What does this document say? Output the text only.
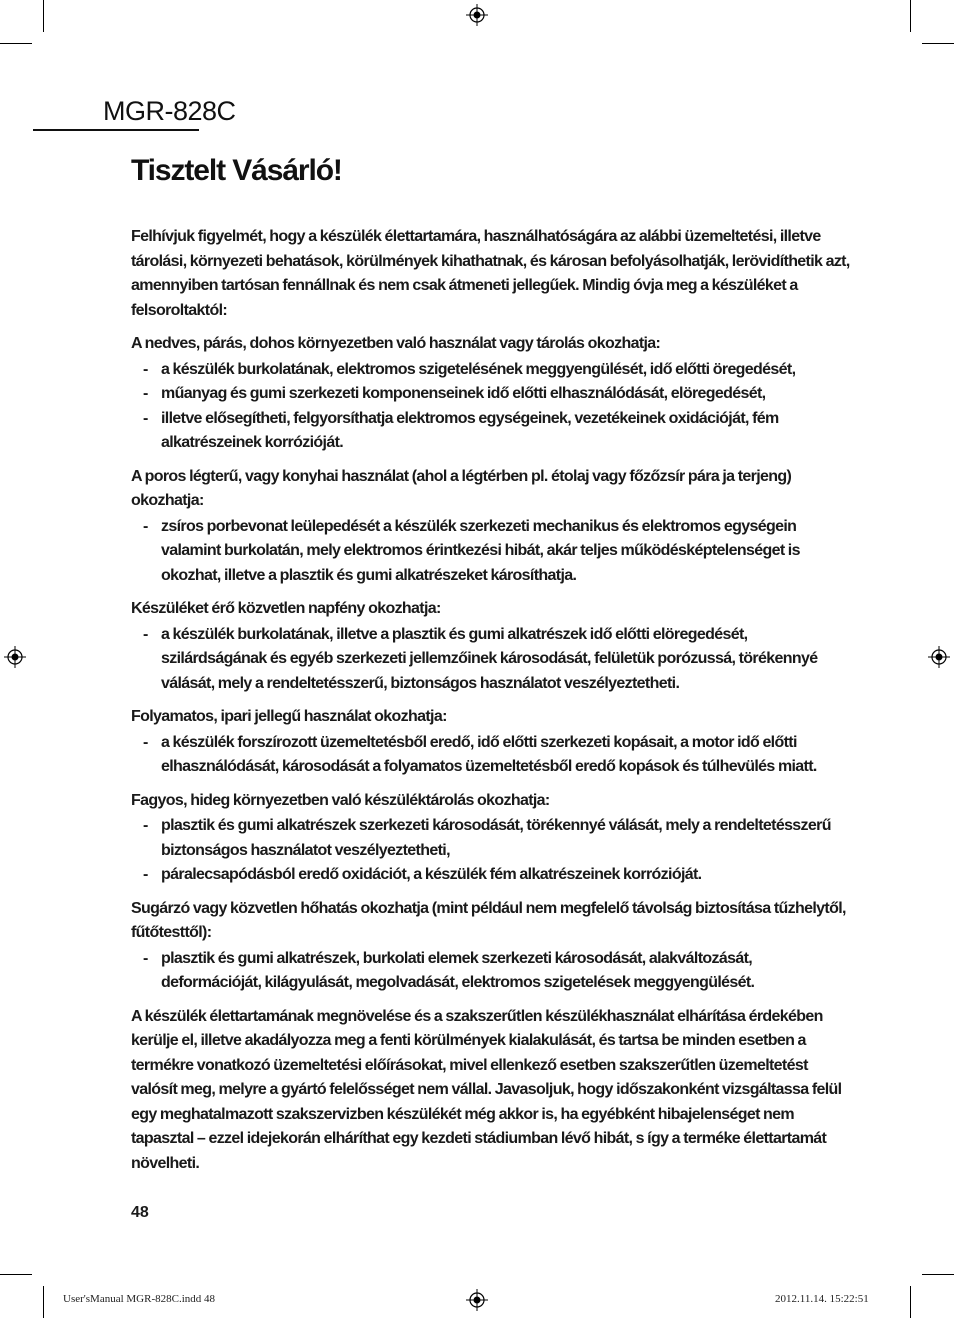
MGR-828C
Tisztelt Vásárló!

Felhívjuk figyelmét, hogy a készülék élettartamára, használhatóságára az alábbi üzemeltetési, illetve tárolási, környezeti behatások, körülmények kihathatnak, és károsan befolyásolhatják, lerövidíthetik azt, amennyiben tartósan fennállnak és nem csak átmeneti jellegűek. Mindig óvja meg a készüléket a felsoroltaktól:

A nedves, párás, dohos környezetben való használat vagy tárolás okozhatja:

- a készülék burkolatának, elektromos szigetelésének meggyengülését, idő előtti öregedését,
- műanyag és gumi szerkezeti komponenseinek idő előtti elhasználódását, elöregedését,
- illetve elősegítheti, felgyorsíthatja elektromos egységeinek, vezetékeinek oxidációját, fém alkatrészeinek korrózióját.

A poros légterű, vagy konyhai használat (ahol a légtérben pl. étolaj vagy főzőzsír pára ja terjeng) okozhatja:

- zsíros porbevonat leülepedését a készülék szerkezeti mechanikus és elektromos egységein valamint burkolatán, mely elektromos érintkezési hibát, akár teljes működésképtelenséget is okozhat, illetve a plasztik és gumi alkatrészeket károsíthatja.

Készüléket érő közvetlen napfény okozhatja:

- a készülék burkolatának, illetve a plasztik és gumi alkatrészek idő előtti elöregedését, szilárdságának és egyéb szerkezeti jellemzőinek károsodását, felületük porózussá, törékennyé válását, mely a rendeltetésszerű, biztonságos használatot veszélyeztetheti.

Folyamatos, ipari jellegű használat okozhatja:

- a készülék forszírozott üzemeltetésből eredő, idő előtti szerkezeti kopásait, a motor idő előtti elhasználódását, károsodását a folyamatos üzemeltetésből eredő kopások és túlhevülés miatt.

Fagyos, hideg környezetben való készüléktárolás okozhatja:

- plasztik és gumi alkatrészek szerkezeti károsodását, törékennyé válását, mely a rendeltetésszerű biztonságos használatot veszélyeztetheti,
- páralecsapódásból eredő oxidációt, a készülék fém alkatrészeinek korrózióját.

Sugárzó vagy közvetlen hőhatás okozhatja (mint például nem megfelelő távolság biztosítása tűzhelytől, fűtőtesttől):

- plasztik és gumi alkatrészek, burkolati elemek szerkezeti károsodását, alakváltozását, deformációját, kilágyulását, megolvadását, elektromos szigetelések meggyengülését.

A készülék élettartamának megnövelése és a szakszerűtlen készülékhasználat elhárítása érdekében kerülje el, illetve akadályozza meg a fenti körülmények kialakulását, és tartsa be minden esetben a termékre vonatkozó üzemeltetési előírásokat, mivel ellenkező esetben szakszerűtlen üzemeltetést valósít meg, melyre a gyártó felelősséget nem vállal. Javasoljuk, hogy időszakonként vizsgáltassa felül egy meghatalmazott szakszervizben készülékét még akkor is, ha egyébként hibajelenséget nem tapasztal – ezzel idejekorán elháríthat egy kezdeti stádiumban lévő hibát, s így a terméke élettartamát növelheti.

48
User'sManual MGR-828C.indd 48	2012.11.14. 15:22:51
